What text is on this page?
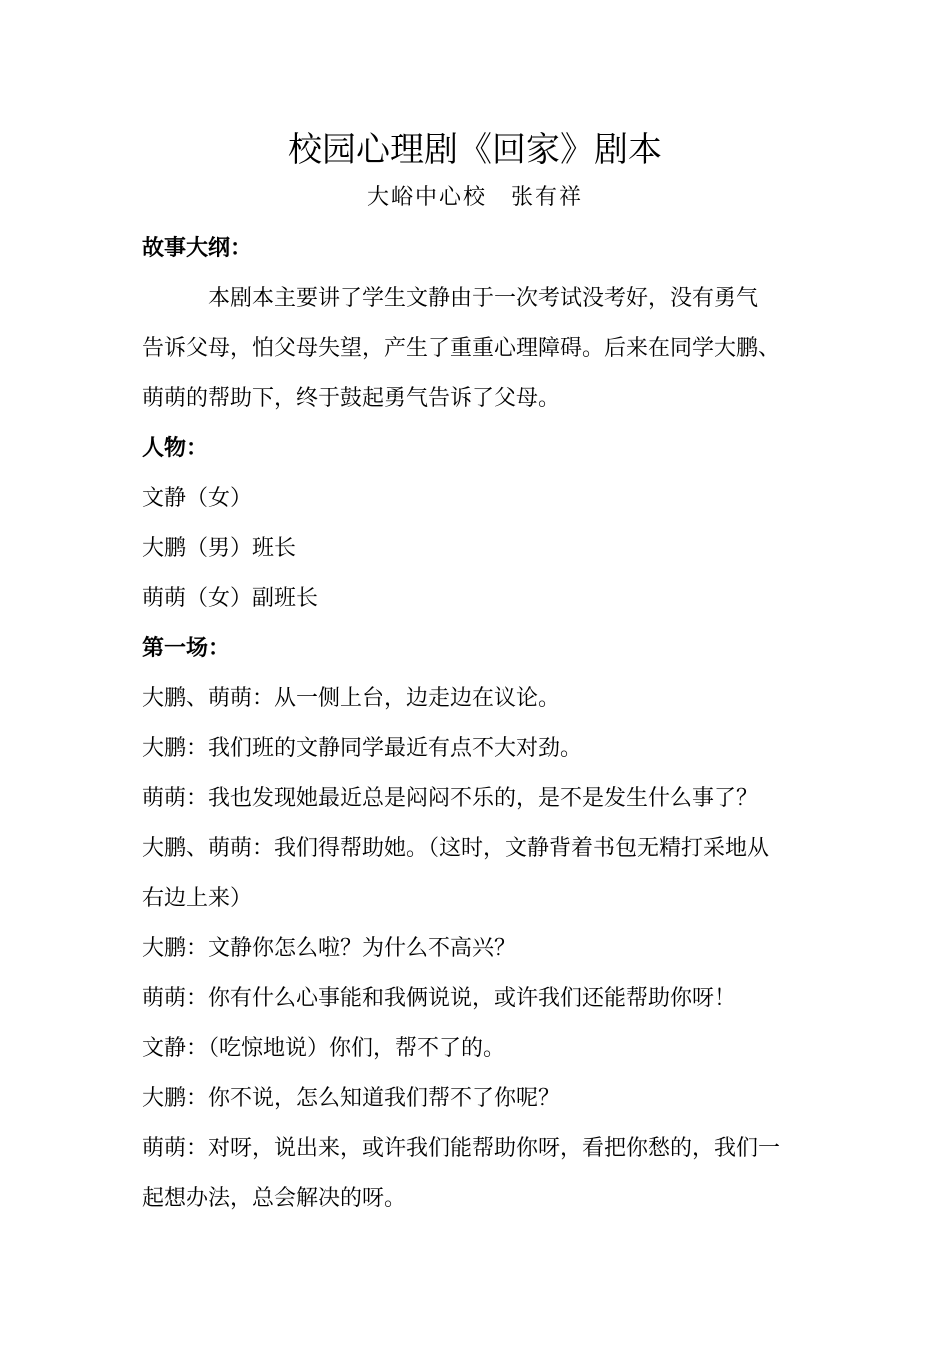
校园心理剧《回家》剧本
大峪中心校　张有祥
故事大纲：
本剧本主要讲了学生文静由于一次考试没考好，没有勇气
告诉父母，怕父母失望，产生了重重心理障碍。后来在同学大鹏、
萌萌的帮助下，终于鼓起勇气告诉了父母。
人物：
文静（女）
大鹏（男）班长
萌萌（女）副班长
第一场：
大鹏、萌萌：从一侧上台，边走边在议论。
大鹏：我们班的文静同学最近有点不大对劲。
萌萌：我也发现她最近总是闷闷不乐的，是不是发生什么事了？
大鹏、萌萌：我们得帮助她。（这时，文静背着书包无精打采地从
右边上来）
大鹏：文静你怎么啦？为什么不高兴？
萌萌：你有什么心事能和我俩说说，或许我们还能帮助你呀！
文静：（吃惊地说）你们，帮不了的。
大鹏：你不说，怎么知道我们帮不了你呢？
萌萌：对呀，说出来，或许我们能帮助你呀，看把你愁的，我们一
起想办法，总会解决的呀。
